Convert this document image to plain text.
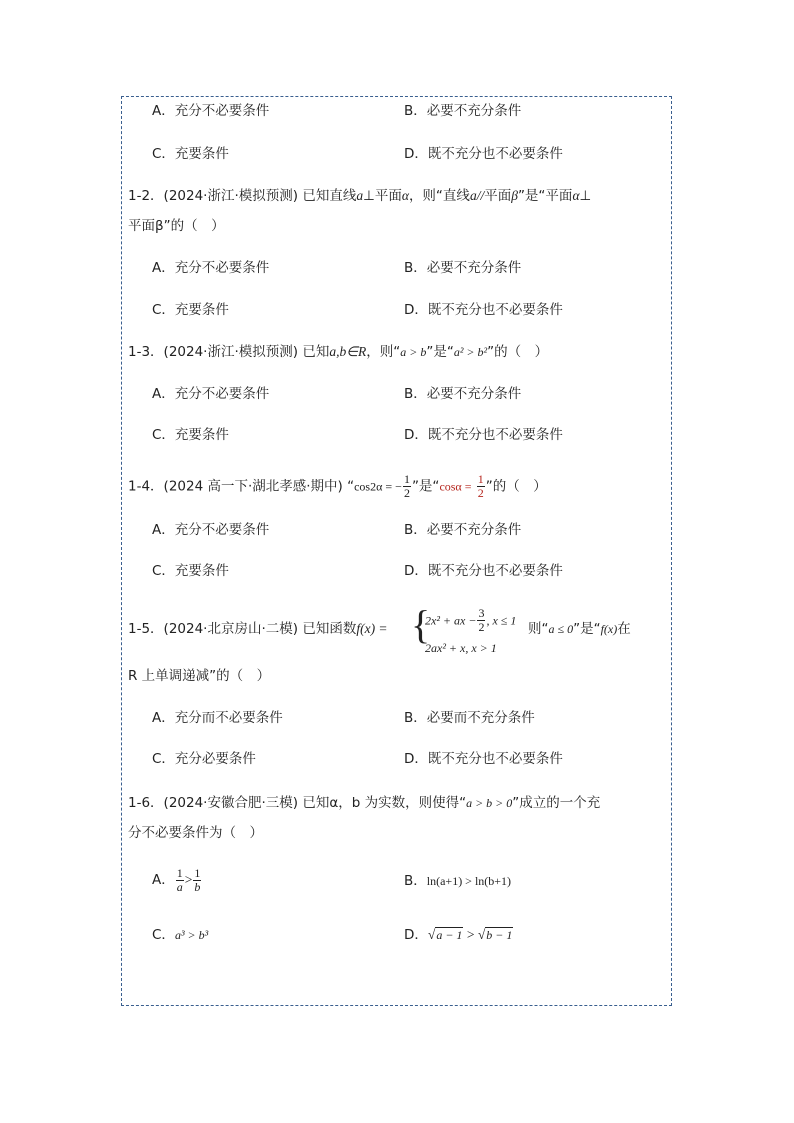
A．充分不必要条件	B．必要不充分条件
C．充要条件	D．既不充分也不必要条件
1-2．(2024·浙江·模拟预测) 已知直线a⊥平面α，则“直线a//平面β”是“平面α⊥
平面β”的（　）
A．充分不必要条件	B．必要不充分条件
C．充要条件	D．既不充分也不必要条件
1-3．(2024·浙江·模拟预测) 已知a,b∈R，则“a > b”是“a² > b²”的（　）
A．充分不必要条件	B．必要不充分条件
C．充要条件	D．既不充分也不必要条件
1-4．(2024 高一下·湖北孝感·期中) “cos2α = − $\frac{1}{2}$ ”是“$\cos\alpha = \frac{1}{2}$ ”的（　）
A．充分不必要条件	B．必要不充分条件
C．充要条件	D．既不充分也不必要条件
1-5．(2024·北京房山·二模) 已知函数f(x) = {
2x² + ax − $\frac{3}{2}$ , x ≤ 1
2ax² + x, x > 1
则“a ≤ 0”是“f(x)在
R 上单调递减”的（　）
A．充分而不必要条件	B．必要而不充分条件
C．充分必要条件	D．既不充分也不必要条件
1-6．(2024·安徽合肥·三模) 已知α，b 为实数，则使得“a > b > 0”成立的一个充
分不必要条件为（　）
A． $\frac{1}{a} > \frac{1}{b}$	B．ln(a+1) > ln(b+1)
C．a³ > b³	D．√a − 1 > √b − 1
